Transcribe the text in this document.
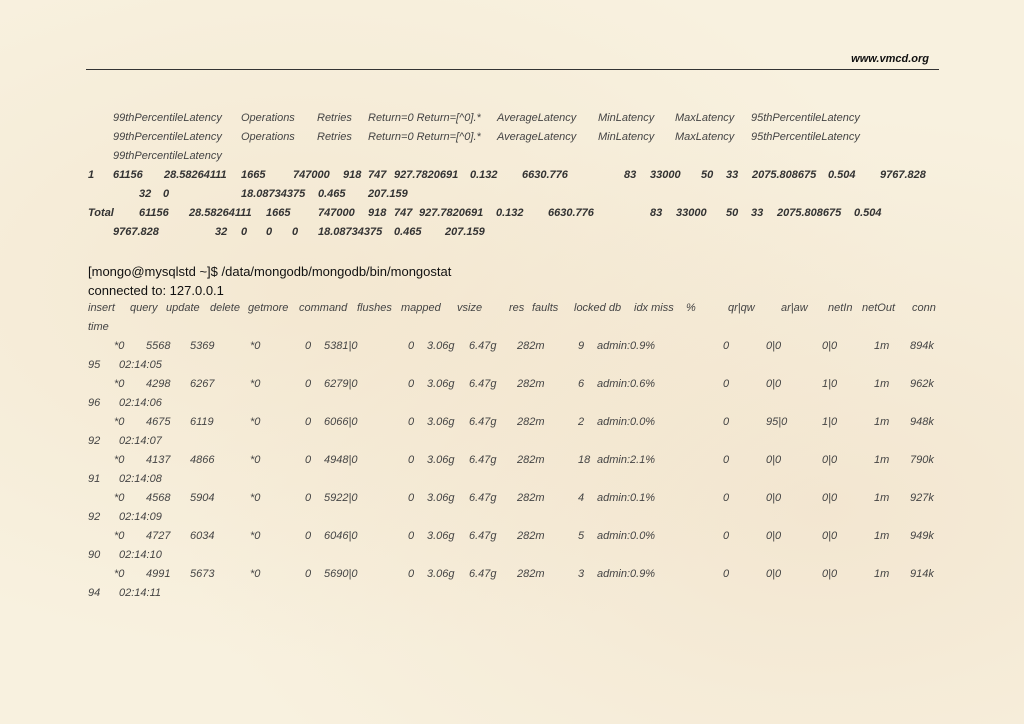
www.vmcd.org
99thPercentileLatency Operations Retries Return=0 Return=[^0].* AverageLatency MinLatency MaxLatency 95thPercentileLatency
99thPercentileLatency Operations Retries Return=0 Return=[^0].* AverageLatency MinLatency MaxLatency 95thPercentileLatency
99thPercentileLatency
1 61156 28.58264111 1665	747000 918 747 927.7820691 0.132 6630.776	83 33000 50 33 2075.808675 0.504 9767.828
32 0	18.08734375 0.465 207.159
Total 61156 28.58264111 1665	747000 918 747 927.7820691 0.132 6630.776	83 33000 50 33 2075.808675 0.504
9767.828	32 0 0 0 18.08734375 0.465 207.159
[mongo@mysqlstd ~]$ /data/mongodb/mongodb/bin/mongostat
connected to: 127.0.0.1
insert query update delete getmore command flushes mapped vsize res faults locked db idx miss %	qr|qw ar|aw netIn netOut conn
time
*0 5568 5369	*0	0 5381|0	0 3.06g 6.47g 282m	9 admin:0.9%	0	0|0	0|0	1m 894k
95 02:14:05
*0 4298 6267	*0	0 6279|0	0 3.06g 6.47g 282m	6 admin:0.6%	0	0|0	1|0	1m 962k
96 02:14:06
*0 4675 6119	*0	0 6066|0	0 3.06g 6.47g 282m	2 admin:0.0%	0	95|0	1|0	1m 948k
92 02:14:07
*0 4137 4866	*0	0 4948|0	0 3.06g 6.47g 282m	18 admin:2.1%	0	0|0	0|0	1m 790k
91 02:14:08
*0 4568 5904	*0	0 5922|0	0 3.06g 6.47g 282m	4 admin:0.1%	0	0|0	0|0	1m 927k
92 02:14:09
*0 4727 6034	*0	0 6046|0	0 3.06g 6.47g 282m	5 admin:0.0%	0	0|0	0|0	1m 949k
90 02:14:10
*0 4991 5673	*0	0 5690|0	0 3.06g 6.47g 282m	3 admin:0.9%	0	0|0	0|0	1m 914k
94 02:14:11
